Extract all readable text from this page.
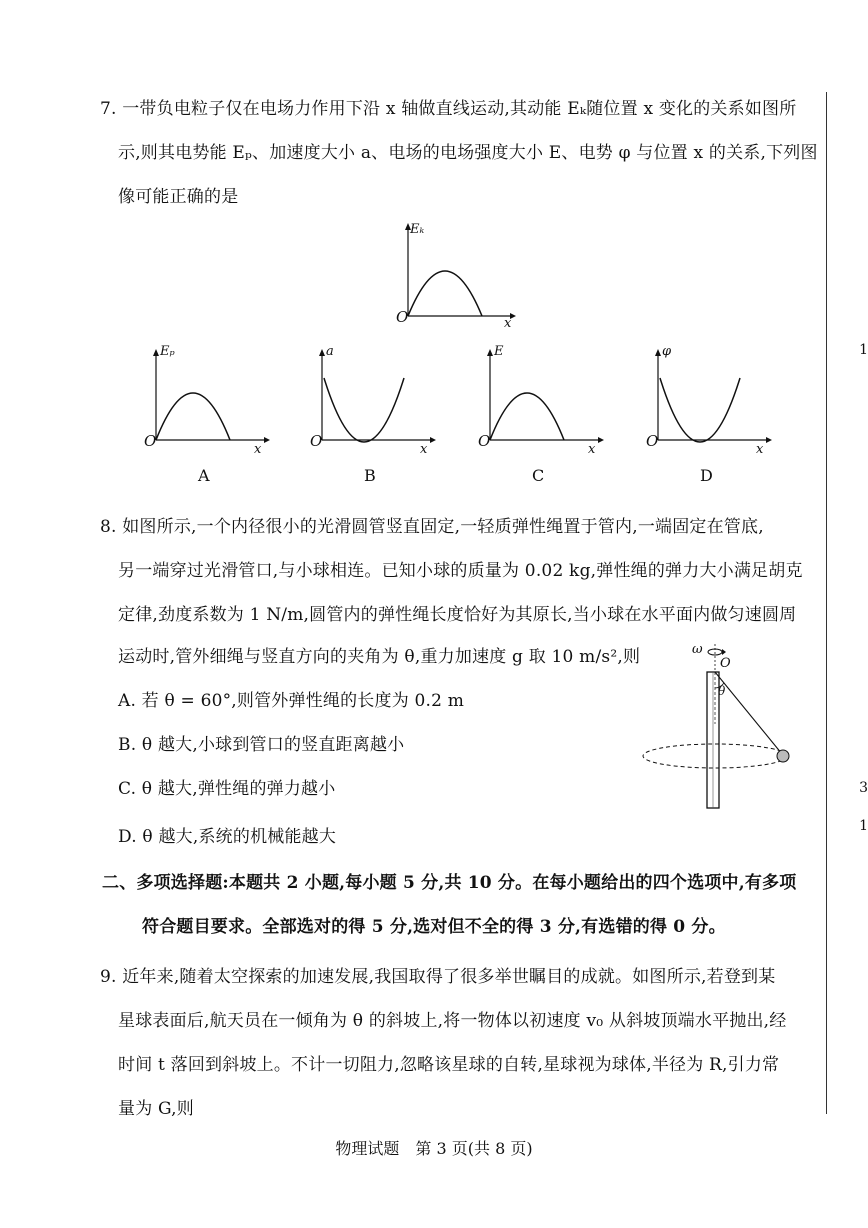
7. 一带负电粒子仅在电场力作用下沿 x 轴做直线运动,其动能 Eₖ随位置 x 变化的关系如图所
示,则其电势能 Eₚ、加速度大小 a、电场的电场强度大小 E、电势 φ 与位置 x 的关系,下列图
像可能正确的是
Eₖ
O	x
Eₚ
O	x
A
a
O	x
B
E
O	x
C
φ
O	x
D
8. 如图所示,一个内径很小的光滑圆管竖直固定,一轻质弹性绳置于管内,一端固定在管底,
另一端穿过光滑管口,与小球相连。已知小球的质量为 0.02 kg,弹性绳的弹力大小满足胡克
定律,劲度系数为 1 N/m,圆管内的弹性绳长度恰好为其原长,当小球在水平面内做匀速圆周
运动时,管外细绳与竖直方向的夹角为 θ,重力加速度 g 取 10 m/s²,则
A. 若 θ = 60°,则管外弹性绳的长度为 0.2 m
B. θ 越大,小球到管口的竖直距离越小
C. θ 越大,弹性绳的弹力越小
D. θ 越大,系统的机械能越大
ω
O
θ
二、多项选择题:本题共 2 小题,每小题 5 分,共 10 分。在每小题给出的四个选项中,有多项
符合题目要求。全部选对的得 5 分,选对但不全的得 3 分,有选错的得 0 分。
9. 近年来,随着太空探索的加速发展,我国取得了很多举世瞩目的成就。如图所示,若登到某
星球表面后,航天员在一倾角为 θ 的斜坡上,将一物体以初速度 v₀ 从斜坡顶端水平抛出,经
时间 t 落回到斜坡上。不计一切阻力,忽略该星球的自转,星球视为球体,半径为 R,引力常
量为 G,则
1
3
1
物理试题　第 3 页(共 8 页)
